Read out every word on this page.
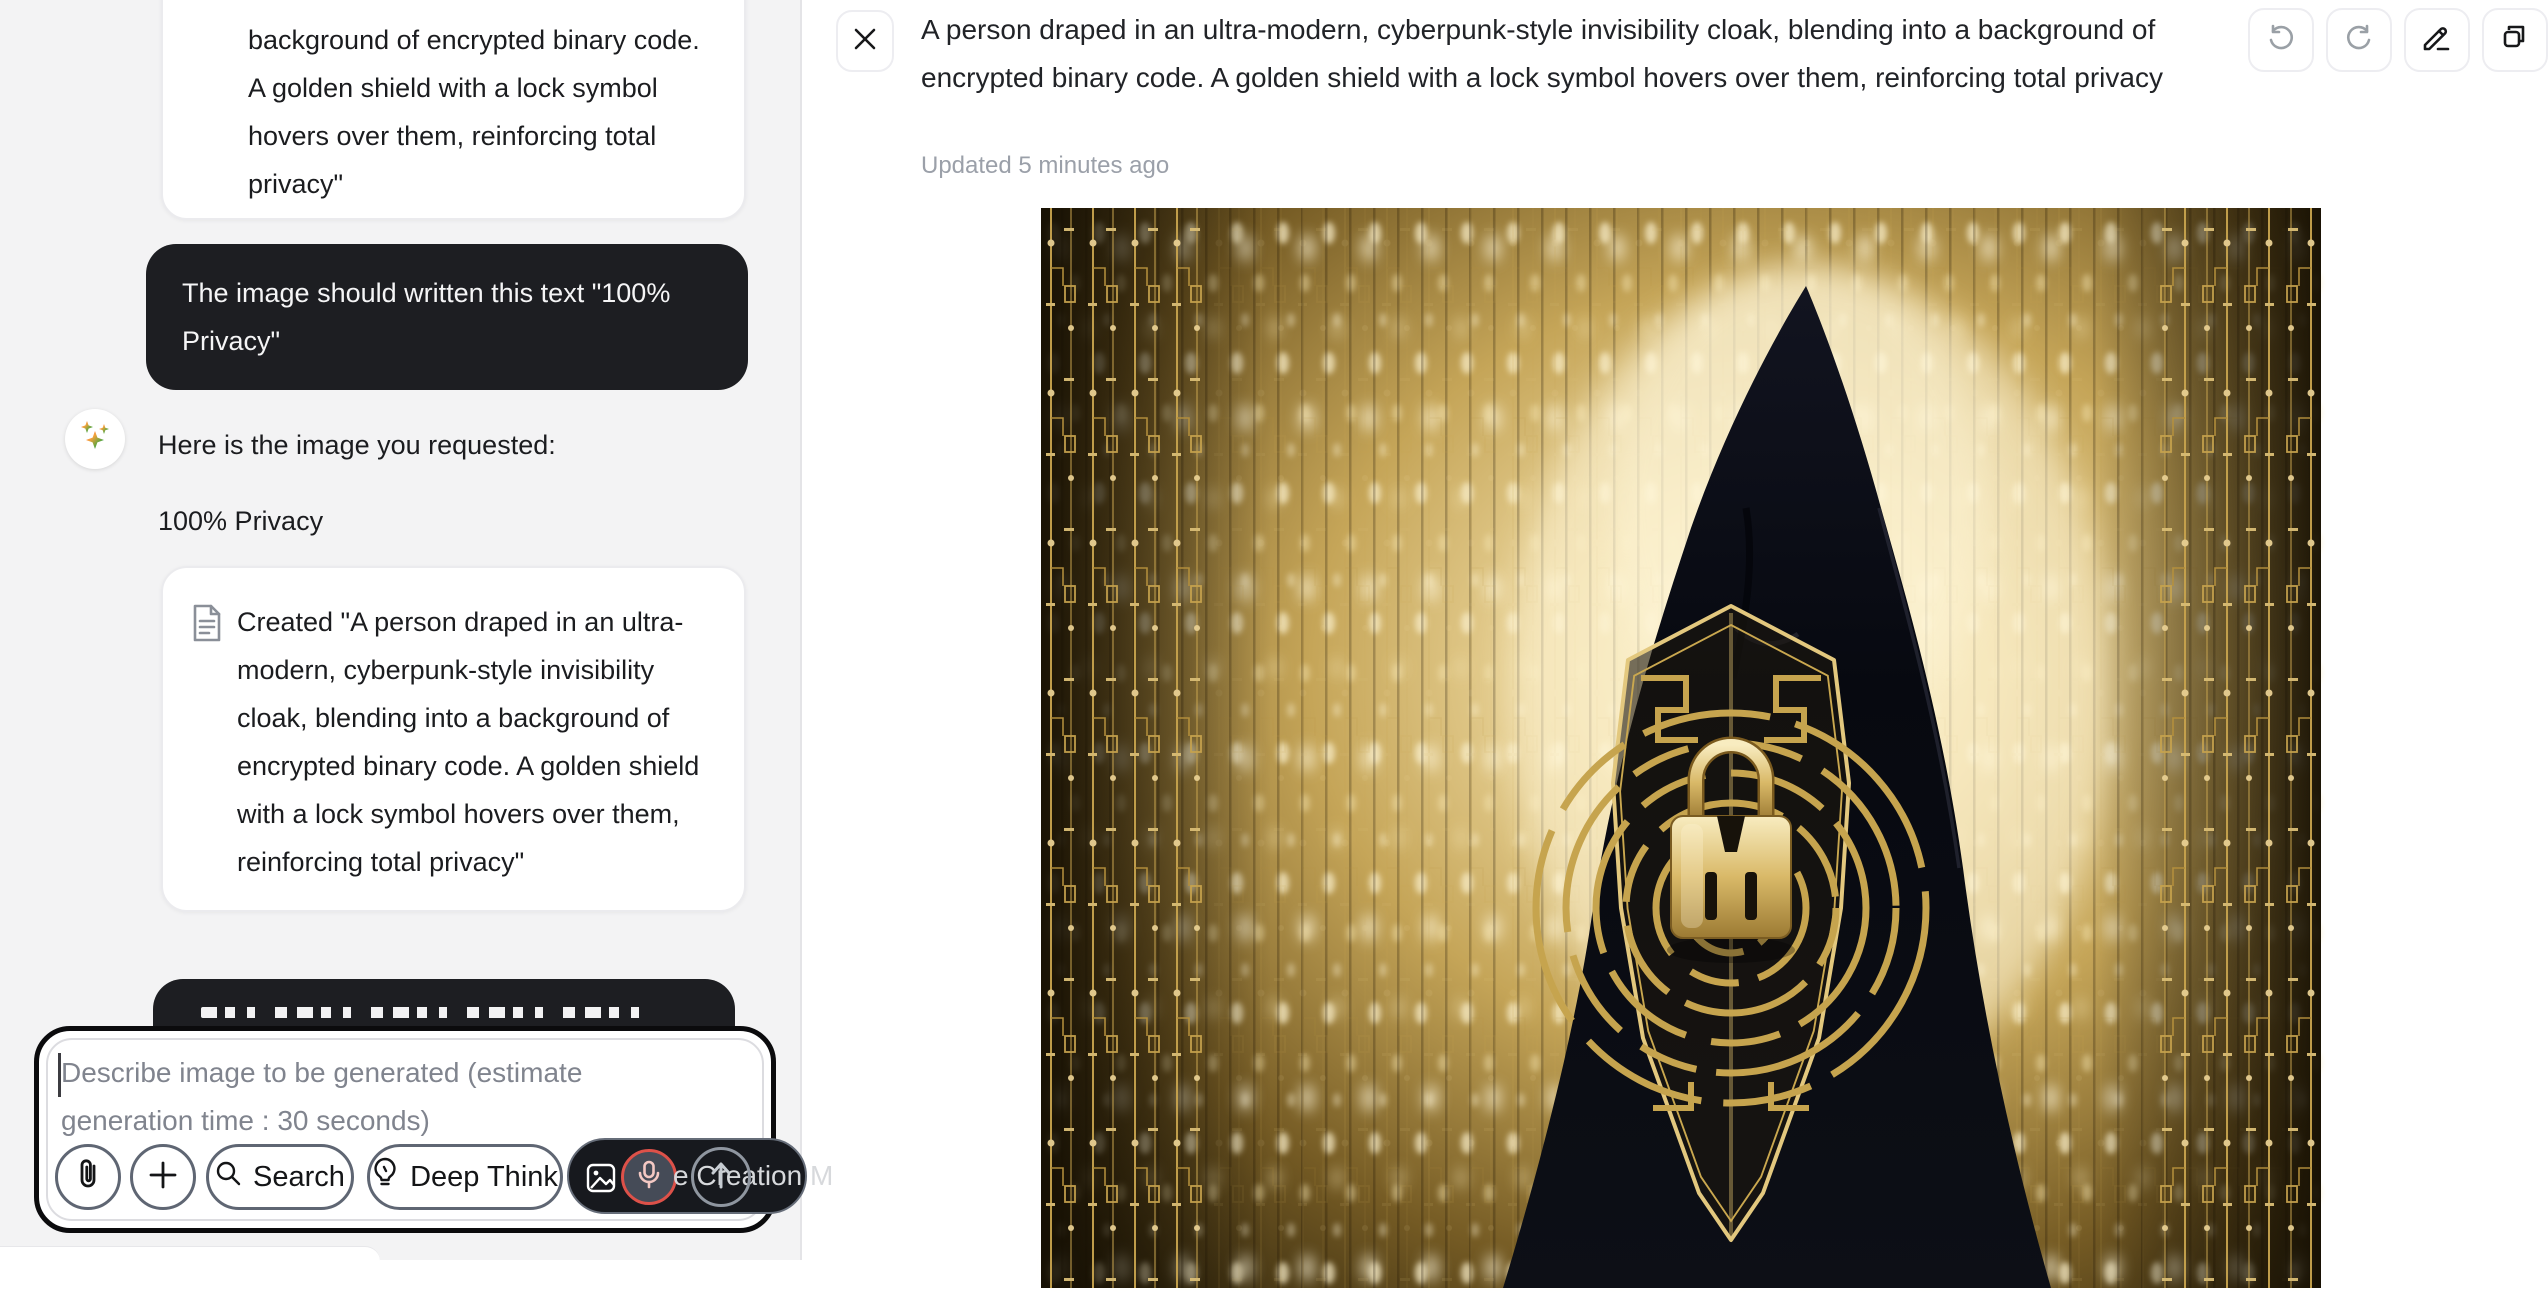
background of encrypted binary code. A golden shield with a lock symbol hovers over them, reinforcing total privacy"
The image should written this text "100% Privacy"
Here is the image you requested:
100% Privacy
Created "A person draped in an ultra-modern, cyberpunk-style invisibility cloak, blending into a background of encrypted binary code. A golden shield with a lock symbol hovers over them, reinforcing total privacy"
Describe image to be generated (estimate generation time : 30 seconds)
Search Deep Think	e Creation M
A person draped in an ultra-modern, cyberpunk-style invisibility cloak, blending into a background of encrypted binary code. A golden shield with a lock symbol hovers over them, reinforcing total privacy
Updated 5 minutes ago
